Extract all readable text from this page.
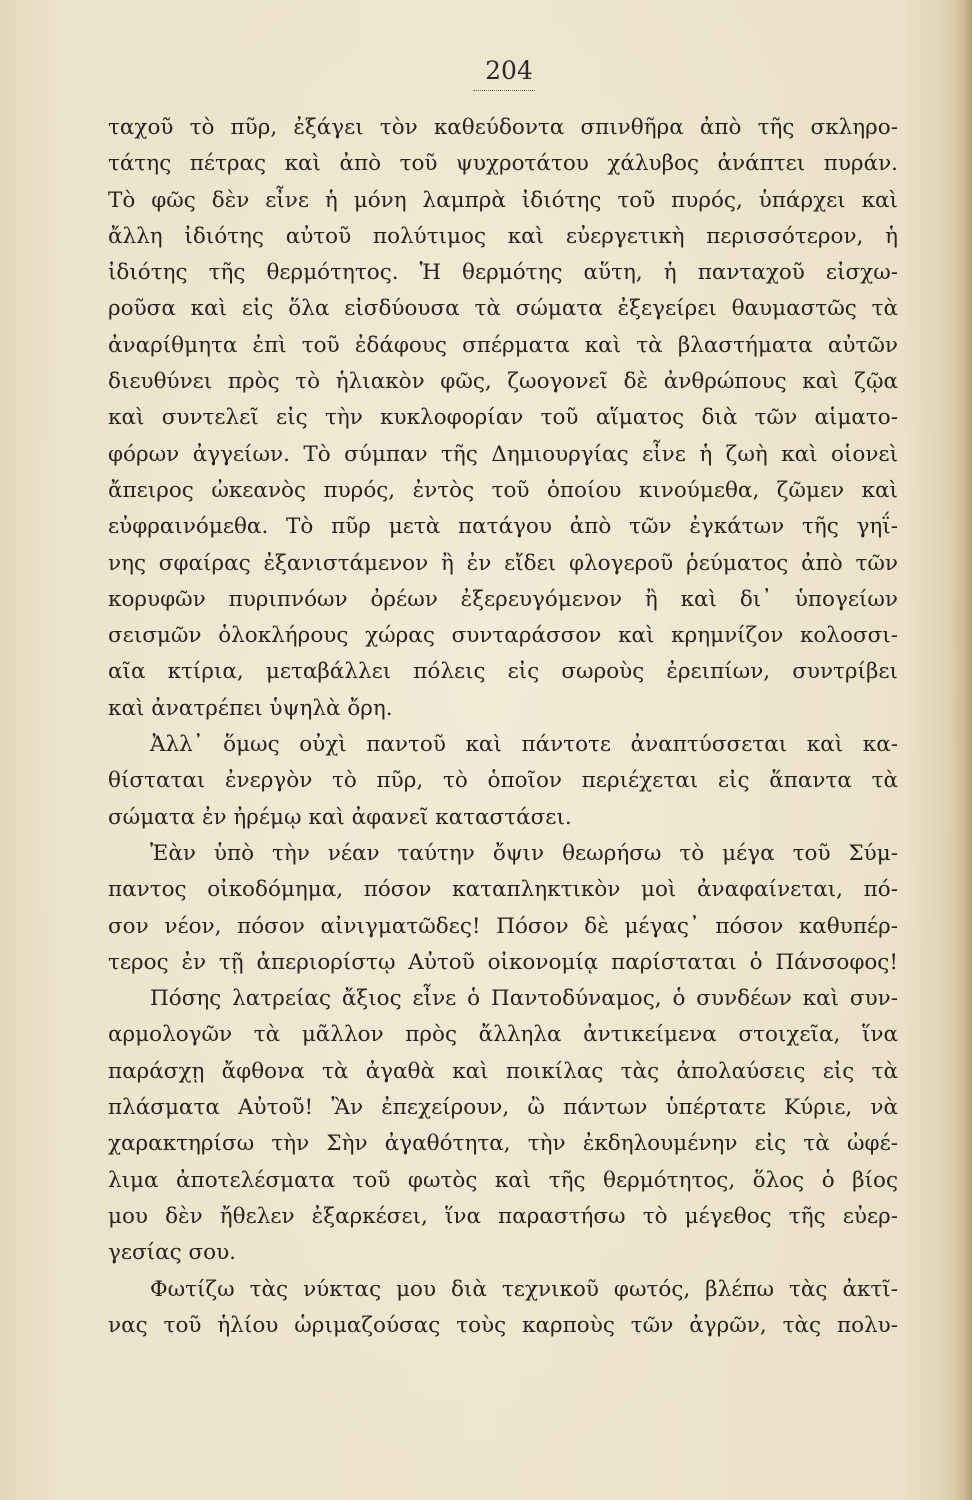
204
ταχοῦ τὸ πῦρ, ἐξάγει τὸν καθεύδοντα σπινθῆρα ἀπὸ τῆς σκληρο-
τάτης πέτρας καὶ ἀπὸ τοῦ ψυχροτάτου χάλυβος ἀνάπτει πυράν.
Τὸ φῶς δὲν εἶνε ἡ μόνη λαμπρὰ ἰδιότης τοῦ πυρός, ὑπάρχει καὶ
ἄλλη ἰδιότης αὐτοῦ πολύτιμος καὶ εὐεργετικὴ περισσότερον, ἡ
ἰδιότης τῆς θερμότητος. Ἡ θερμότης αὕτη, ἡ πανταχοῦ εἰσχω-
ροῦσα καὶ εἰς ὅλα εἰσδύουσα τὰ σώματα ἐξεγείρει θαυμαστῶς τὰ
ἀναρίθμητα ἐπὶ τοῦ ἐδάφους σπέρματα καὶ τὰ βλαστήματα αὐτῶν
διευθύνει πρὸς τὸ ἡλιακὸν φῶς, ζωογονεῖ δὲ ἀνθρώπους καὶ ζῷα
καὶ συντελεῖ εἰς τὴν κυκλοφορίαν τοῦ αἵματος διὰ τῶν αἱματο-
φόρων ἀγγείων. Τὸ σύμπαν τῆς Δημιουργίας εἶνε ἡ ζωὴ καὶ οἱονεὶ
ἄπειρος ὠκεανὸς πυρός, ἐντὸς τοῦ ὁποίου κινούμεθα, ζῶμεν καὶ
εὐφραινόμεθα. Τὸ πῦρ μετὰ πατάγου ἀπὸ τῶν ἐγκάτων τῆς γηΐ-
νης σφαίρας ἐξανιστάμενον ἢ ἐν εἴδει φλογεροῦ ῥεύματος ἀπὸ τῶν
κορυφῶν πυριπνόων ὀρέων ἐξερευγόμενον ἢ καὶ δι᾽ ὑπογείων
σεισμῶν ὁλοκλήρους χώρας συνταράσσον καὶ κρημνίζον κολοσσι-
αῖα κτίρια, μεταβάλλει πόλεις εἰς σωροὺς ἐρειπίων, συντρίβει
καὶ ἀνατρέπει ὑψηλὰ ὄρη.
Ἀλλ᾽ ὅμως οὐχὶ παντοῦ καὶ πάντοτε ἀναπτύσσεται καὶ κα-
θίσταται ἐνεργὸν τὸ πῦρ, τὸ ὁποῖον περιέχεται εἰς ἅπαντα τὰ
σώματα ἐν ἠρέμῳ καὶ ἀφανεῖ καταστάσει.
Ἐὰν ὑπὸ τὴν νέαν ταύτην ὄψιν θεωρήσω τὸ μέγα τοῦ Σύμ-
παντος οἰκοδόμημα, πόσον καταπληκτικὸν μοὶ ἀναφαίνεται, πό-
σον νέον, πόσον αἰνιγματῶδες! Πόσον δὲ μέγας᾽ πόσον καθυπέρ-
τερος ἐν τῇ ἀπεριορίστῳ Αὐτοῦ οἰκονομίᾳ παρίσταται ὁ Πάνσοφος!
Πόσης λατρείας ἄξιος εἶνε ὁ Παντοδύναμος, ὁ συνδέων καὶ συν-
αρμολογῶν τὰ μᾶλλον πρὸς ἄλληλα ἀντικείμενα στοιχεῖα, ἵνα
παράσχῃ ἄφθονα τὰ ἀγαθὰ καὶ ποικίλας τὰς ἀπολαύσεις εἰς τὰ
πλάσματα Αὐτοῦ! Ἂν ἐπεχείρουν, ὢ πάντων ὑπέρτατε Κύριε, νὰ
χαρακτηρίσω τὴν Σὴν ἀγαθότητα, τὴν ἐκδηλουμένην εἰς τὰ ὠφέ-
λιμα ἀποτελέσματα τοῦ φωτὸς καὶ τῆς θερμότητος, ὅλος ὁ βίος
μου δὲν ἤθελεν ἐξαρκέσει, ἵνα παραστήσω τὸ μέγεθος τῆς εὐερ-
γεσίας σου.
Φωτίζω τὰς νύκτας μου διὰ τεχνικοῦ φωτός, βλέπω τὰς ἀκτῖ-
νας τοῦ ἡλίου ὡριμαζούσας τοὺς καρποὺς τῶν ἀγρῶν, τὰς πολυ-
